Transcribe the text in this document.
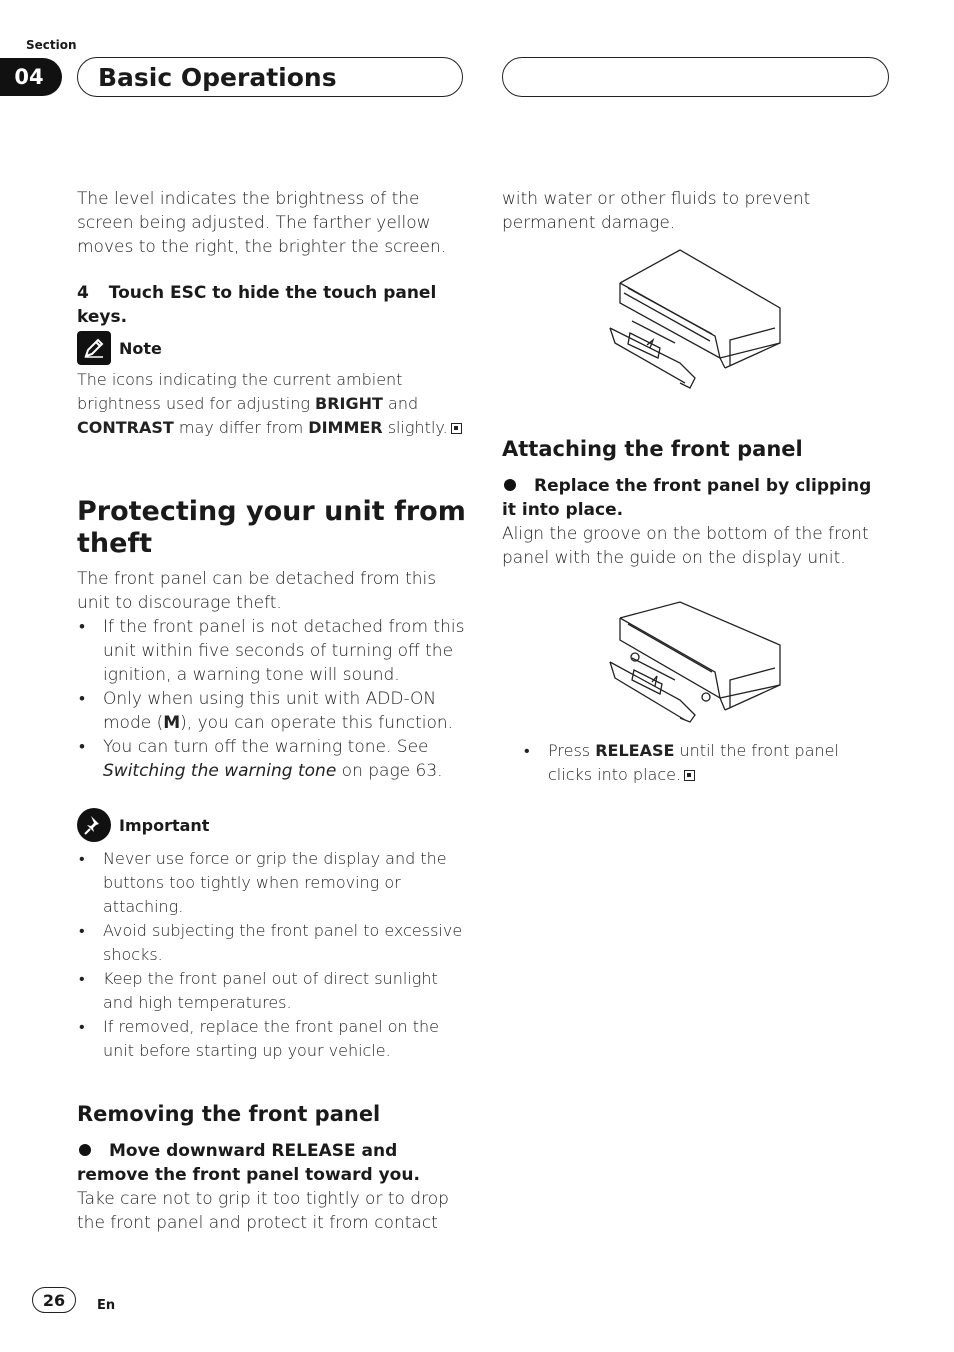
Section
04	Basic Operations

The level indicates the brightness of the screen being adjusted. The farther yellow moves to the right, the brighter the screen.

4 Touch ESC to hide the touch panel keys.
Note

The icons indicating the current ambient brightness used for adjusting BRIGHT and CONTRAST may differ from DIMMER slightly.

Protecting your unit from theft

The front panel can be detached from this unit to discourage theft.

• If the front panel is not detached from this unit within five seconds of turning off the ignition, a warning tone will sound.
• Only when using this unit with ADD-ON mode (M), you can operate this function.
• You can turn off the warning tone. See Switching the warning tone on page 63.
Important
• Never use force or grip the display and the buttons too tightly when removing or attaching.
• Avoid subjecting the front panel to excessive shocks.
• Keep the front panel out of direct sunlight and high temperatures.
• If removed, replace the front panel on the unit before starting up your vehicle.
Removing the front panel
Move downward RELEASE and remove the front panel toward you.

Take care not to grip it too tightly or to drop the front panel and protect it from contact

with water or other fluids to prevent permanent damage.

Attaching the front panel
Replace the front panel by clipping it into place.

Align the groove on the bottom of the front panel with the guide on the display unit.

• Press RELEASE until the front panel clicks into place.
26	En
